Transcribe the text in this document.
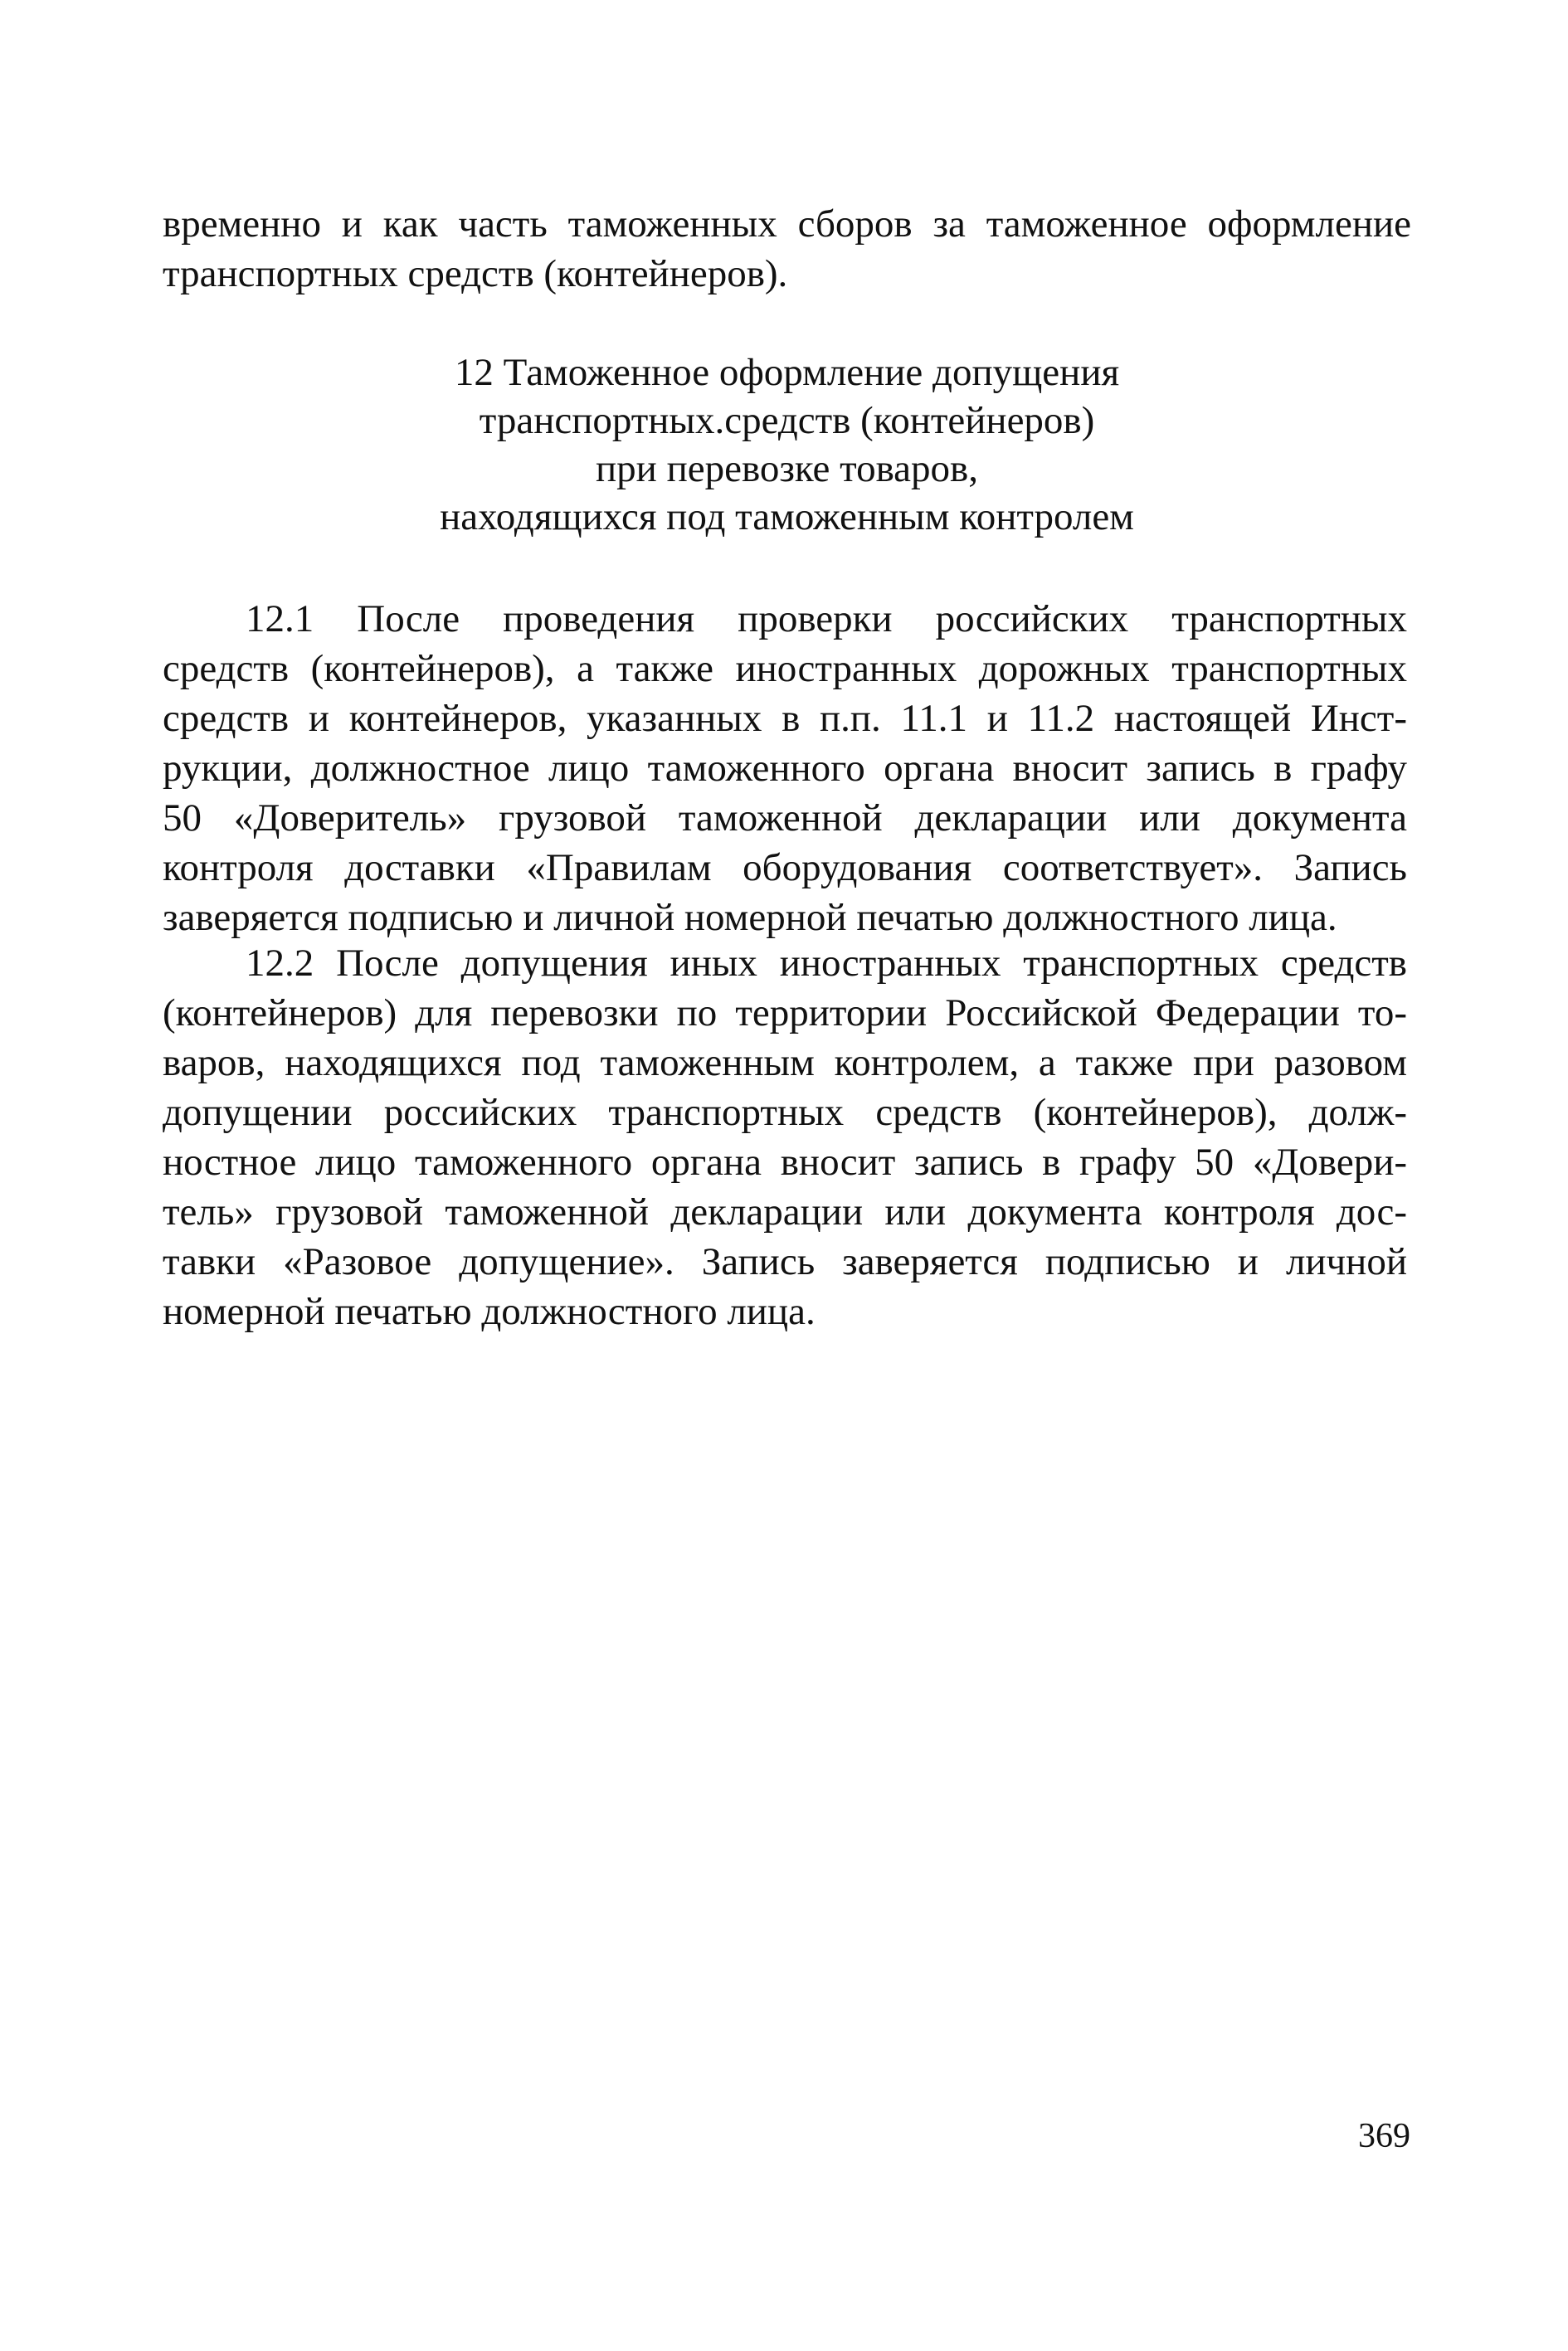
временно и как часть таможенных сборов за таможенное оформление
транспортных средств (контейнеров).
12 Таможенное оформление допущения
транспортных.средств (контейнеров)
при перевозке товаров,
находящихся под таможенным контролем
12.1 После проведения проверки российских транспортных
средств (контейнеров), а также иностранных дорожных транспортных
средств и контейнеров, указанных в п.п. 11.1 и 11.2 настоящей Инст-
рукции, должностное лицо таможенного органа вносит запись в графу
50 «Доверитель» грузовой таможенной декларации или документа
контроля доставки «Правилам оборудования соответствует». Запись
заверяется подписью и личной номерной печатью должностного лица.
12.2 После допущения иных иностранных транспортных средств
(контейнеров) для перевозки по территории Российской Федерации то-
варов, находящихся под таможенным контролем, а также при разовом
допущении российских транспортных средств (контейнеров), долж-
ностное лицо таможенного органа вносит запись в графу 50 «Довери-
тель» грузовой таможенной декларации или документа контроля дос-
тавки «Разовое допущение». Запись заверяется подписью и личной
номерной печатью должностного лица.
369
